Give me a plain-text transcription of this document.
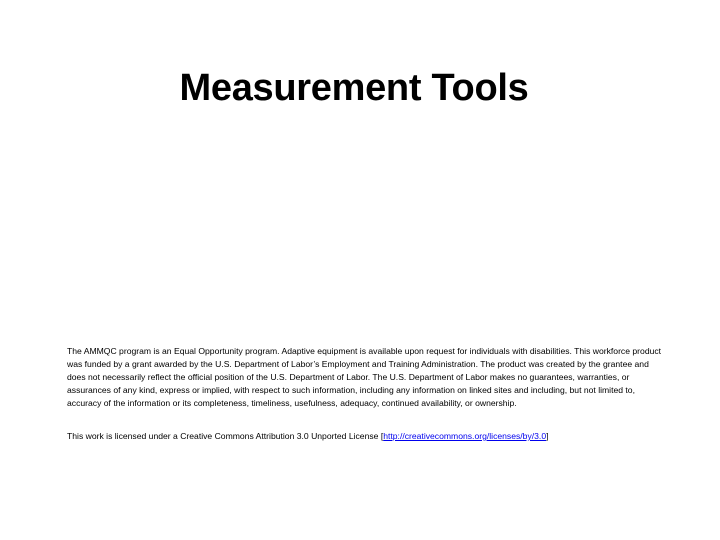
Measurement Tools

The AMMQC program is an Equal Opportunity program. Adaptive equipment is available upon request for individuals with disabilities. This workforce product was funded by a grant awarded by the U.S. Department of Labor’s Employment and Training Administration. The product was created by the grantee and does not necessarily reflect the official position of the U.S. Department of Labor. The U.S. Department of Labor makes no guarantees, warranties, or assurances of any kind, express or implied, with respect to such information, including any information on linked sites and including, but not limited to, accuracy of the information or its completeness, timeliness, usefulness, adequacy, continued availability, or ownership.

This work is licensed under a Creative Commons Attribution 3.0 Unported License [http://creativecommons.org/licenses/by/3.0]
